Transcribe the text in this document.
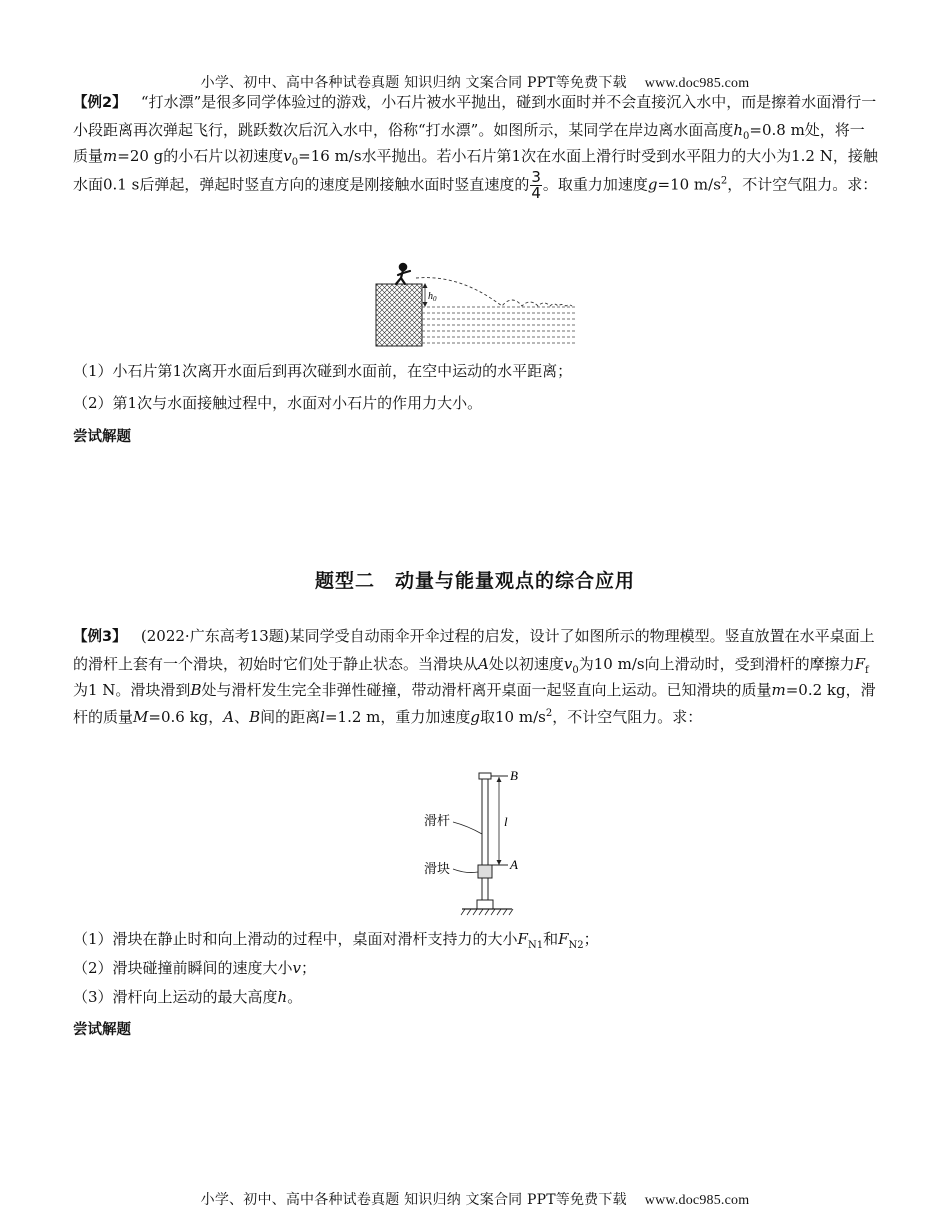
小学、初中、高中各种试卷真题 知识归纳 文案合同 PPT等免费下载 www.doc985.com

【例2】   “打水漂”是很多同学体验过的游戏，小石片被水平抛出，碰到水面时并不会直接沉入水中，而是擦着水面滑行一小段距离再次弹起飞行，跳跃数次后沉入水中，俗称“打水漂”。如图所示，某同学在岸边离水面高度$h_0=0.8$ m处，将一质量m=20 g的小石片以初速度$v_0=16$ m/s水平抛出。若小石片第1次在水面上滑行时受到水平阻力的大小为1.2 N，接触水面0.1 s后弹起，弹起时竖直方向的速度是刚接触水面时竖直速度的 $\frac{3}{4}$ 。取重力加速度g=10 $m/s^2$，不计空气阻力。求：

$h_0$

（1）小石片第1次离开水面后到再次碰到水面前，在空中运动的水平距离；

（2）第1次与水面接触过程中，水面对小石片的作用力大小。

尝试解题
题型二　动量与能量观点的综合应用

【例3】   (2022·广东高考13题)某同学受自动雨伞开伞过程的启发，设计了如图所示的物理模型。竖直放置在水平桌面上的滑杆上套有一个滑块，初始时它们处于静止状态。当滑块从A处以初速度$v_0$为10 m/s向上滑动时，受到滑杆的摩擦力$F_f$为1 N。滑块滑到B处与滑杆发生完全非弹性碰撞，带动滑杆离开桌面一起竖直向上运动。已知滑块的质量m=0.2 kg，滑杆的质量M=0.6 kg，A、B间的距离l=1.2 m，重力加速度g取10 $m/s^2$，不计空气阻力。求：

B
l
A
滑杆
滑块

（1）滑块在静止时和向上滑动的过程中，桌面对滑杆支持力的大小$F_{N1}$和$F_{N2}$；

（2）滑块碰撞前瞬间的速度大小v；

（3）滑杆向上运动的最大高度h。

尝试解题
小学、初中、高中各种试卷真题 知识归纳 文案合同 PPT等免费下载 www.doc985.com
